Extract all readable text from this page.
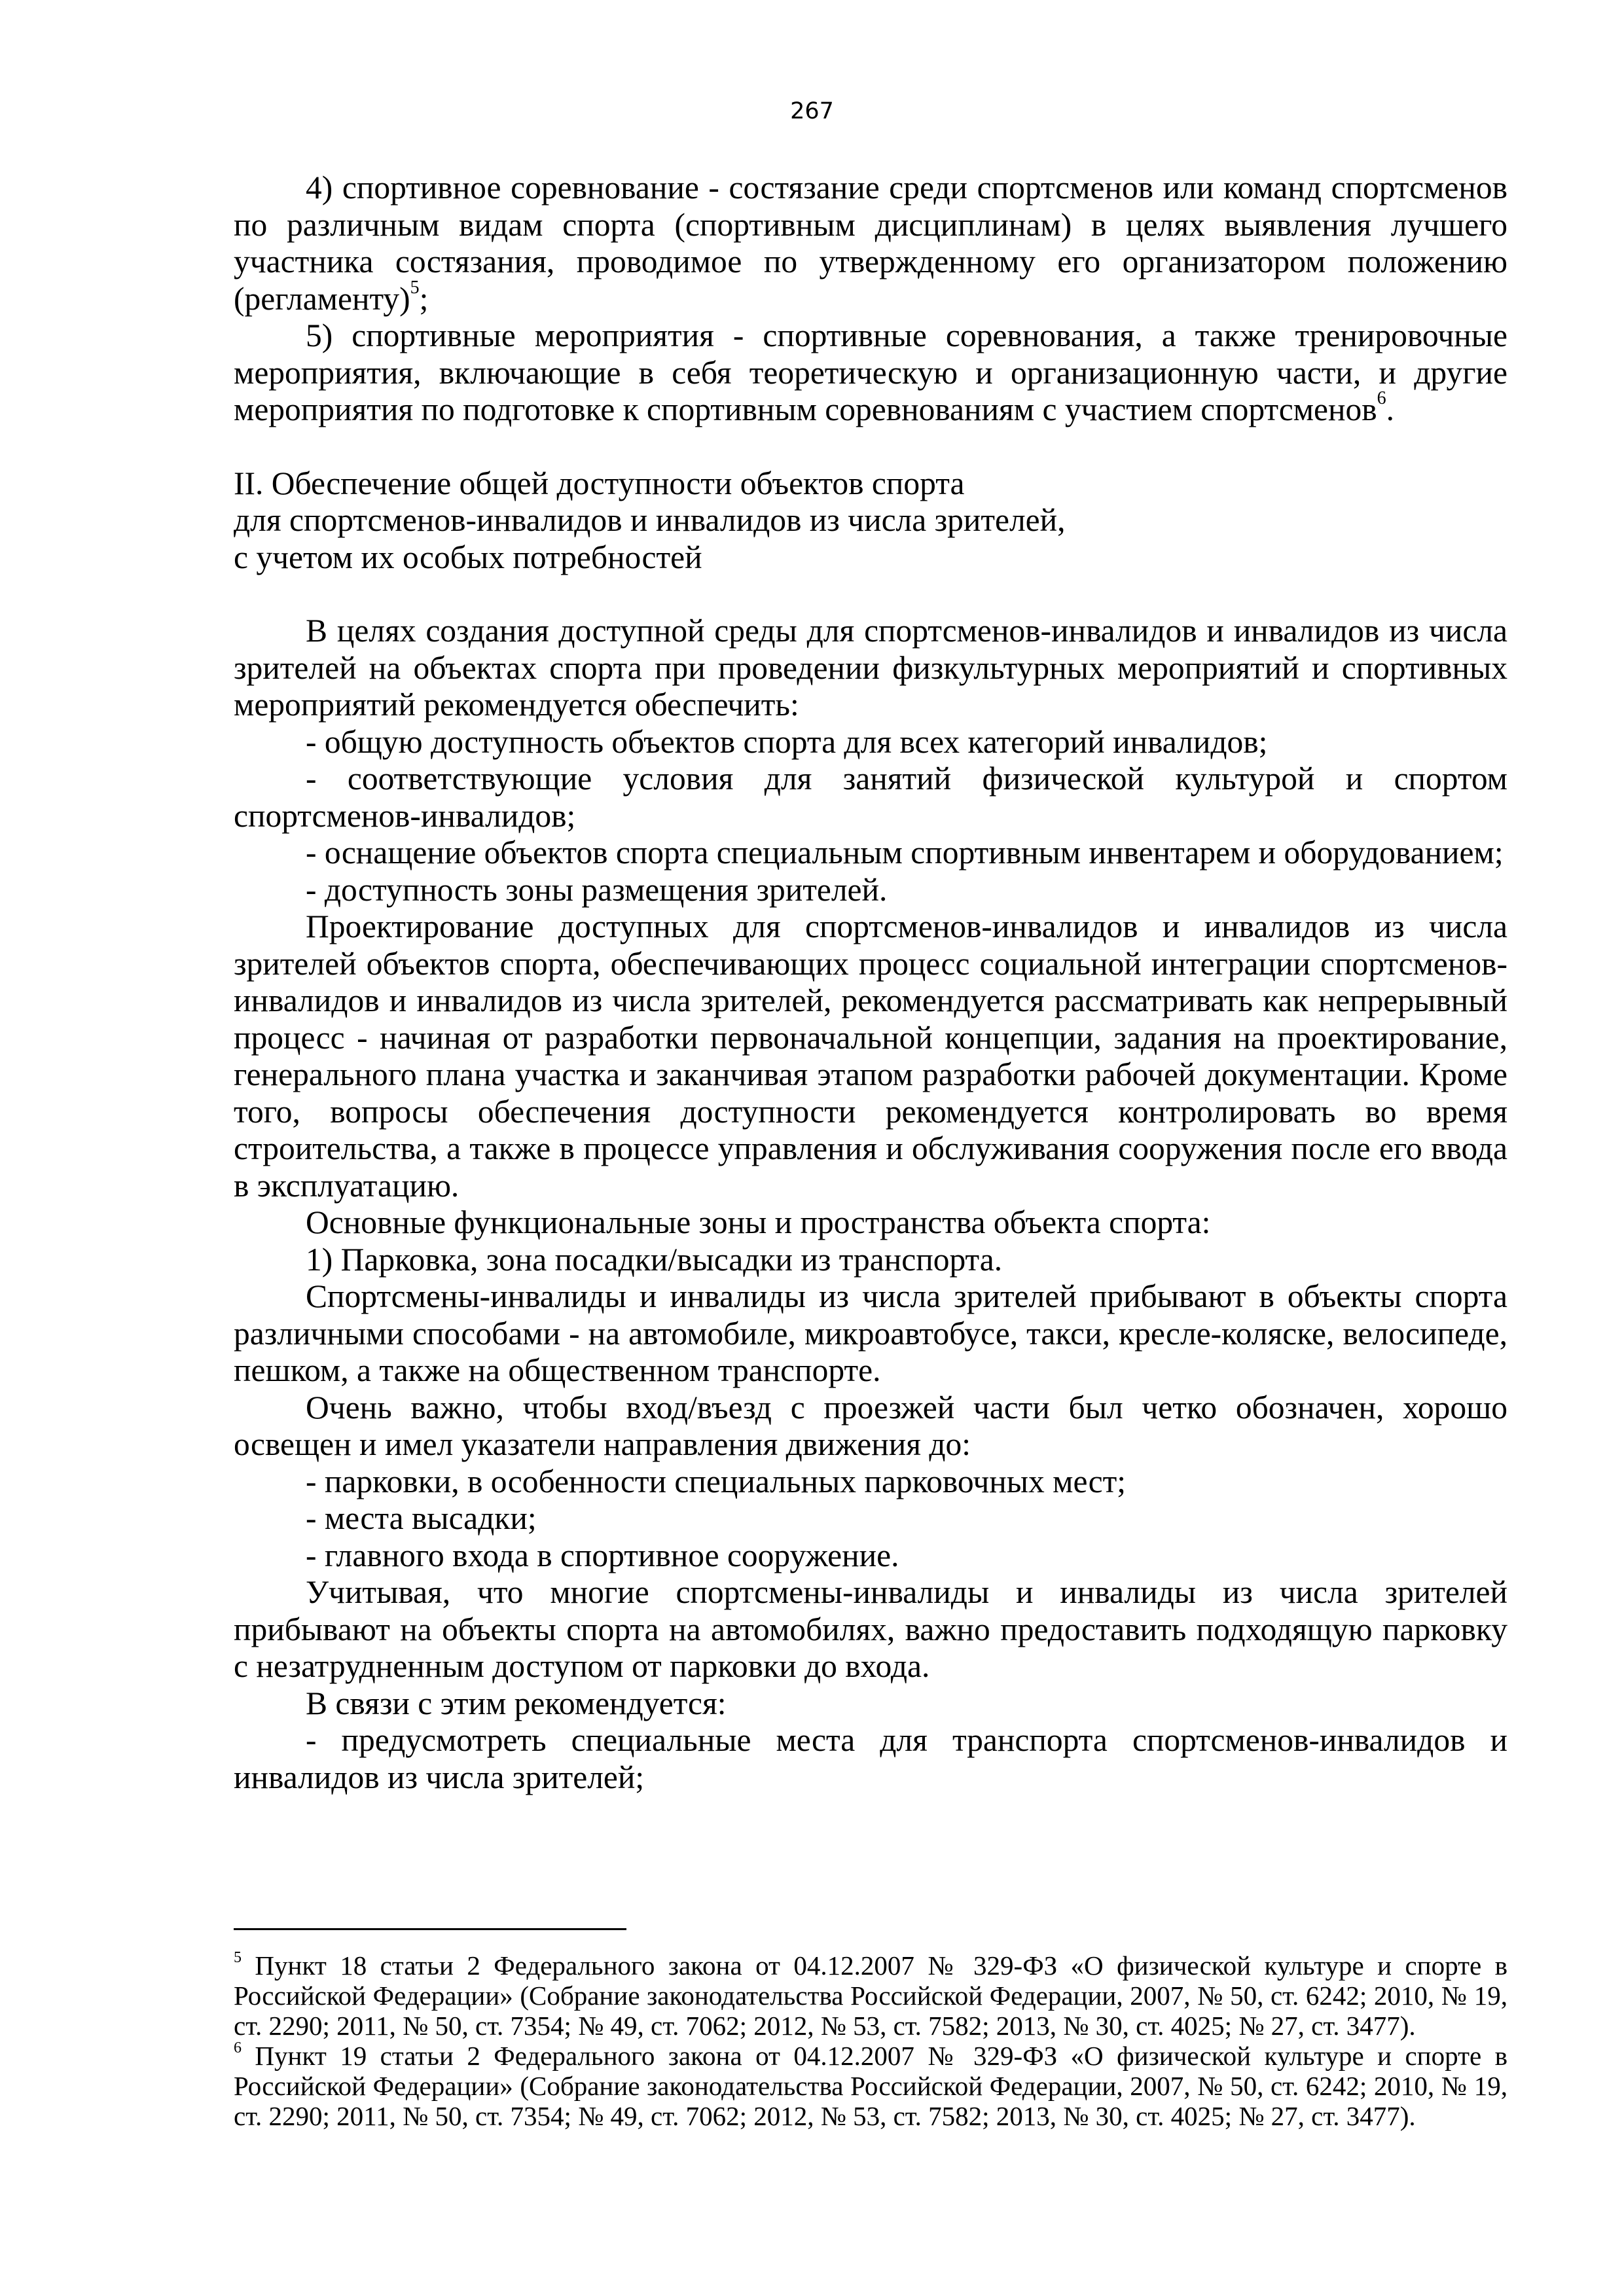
267

4) спортивное соревнование - состязание среди спортсменов или команд спортсменов по различным видам спорта (спортивным дисциплинам) в целях выявления лучшего участника состязания, проводимое по утвержденному его организатором положению (регламенту)$^5$;

5) спортивные мероприятия - спортивные соревнования, а также тренировочные мероприятия, включающие в себя теоретическую и организационную части, и другие мероприятия по подготовке к спортивным соревнованиям с участием спортсменов$^6$.

II. Обеспечение общей доступности объектов спорта
для спортсменов-инвалидов и инвалидов из числа зрителей,
с учетом их особых потребностей

В целях создания доступной среды для спортсменов-инвалидов и инвалидов из числа зрителей на объектах спорта при проведении физкультурных мероприятий и спортивных мероприятий рекомендуется обеспечить:

- общую доступность объектов спорта для всех категорий инвалидов;

- соответствующие условия для занятий физической культурой и спортом спортсменов-инвалидов;

- оснащение объектов спорта специальным спортивным инвентарем и оборудованием;

- доступность зоны размещения зрителей.

Проектирование доступных для спортсменов-инвалидов и инвалидов из числа зрителей объектов спорта, обеспечивающих процесс социальной интеграции спортсменов-инвалидов и инвалидов из числа зрителей, рекомендуется рассматривать как непрерывный процесс - начиная от разработки первоначальной концепции, задания на проектирование, генерального плана участка и заканчивая этапом разработки рабочей документации. Кроме того, вопросы обеспечения доступности рекомендуется контролировать во время строительства, а также в процессе управления и обслуживания сооружения после его ввода в эксплуатацию.

Основные функциональные зоны и пространства объекта спорта:

1) Парковка, зона посадки/высадки из транспорта.

Спортсмены-инвалиды и инвалиды из числа зрителей прибывают в объекты спорта различными способами - на автомобиле, микроавтобусе, такси, кресле-коляске, велосипеде, пешком, а также на общественном транспорте.

Очень важно, чтобы вход/въезд с проезжей части был четко обозначен, хорошо освещен и имел указатели направления движения до:

- парковки, в особенности специальных парковочных мест;

- места высадки;

- главного входа в спортивное сооружение.

Учитывая, что многие спортсмены-инвалиды и инвалиды из числа зрителей прибывают на объекты спорта на автомобилях, важно предоставить подходящую парковку с незатрудненным доступом от парковки до входа.

В связи с этим рекомендуется:

- предусмотреть специальные места для транспорта спортсменов-инвалидов и инвалидов из числа зрителей;

$^5$ Пункт 18 статьи 2 Федерального закона от 04.12.2007 № 329-ФЗ «О физической культуре и спорте в Российской Федерации» (Собрание законодательства Российской Федерации, 2007, № 50, ст. 6242; 2010, № 19, ст. 2290; 2011, № 50, ст. 7354; № 49, ст. 7062; 2012, № 53, ст. 7582; 2013, № 30, ст. 4025; № 27, ст. 3477).

$^6$ Пункт 19 статьи 2 Федерального закона от 04.12.2007 № 329-ФЗ «О физической культуре и спорте в Российской Федерации» (Собрание законодательства Российской Федерации, 2007, № 50, ст. 6242; 2010, № 19, ст. 2290; 2011, № 50, ст. 7354; № 49, ст. 7062; 2012, № 53, ст. 7582; 2013, № 30, ст. 4025; № 27, ст. 3477).
